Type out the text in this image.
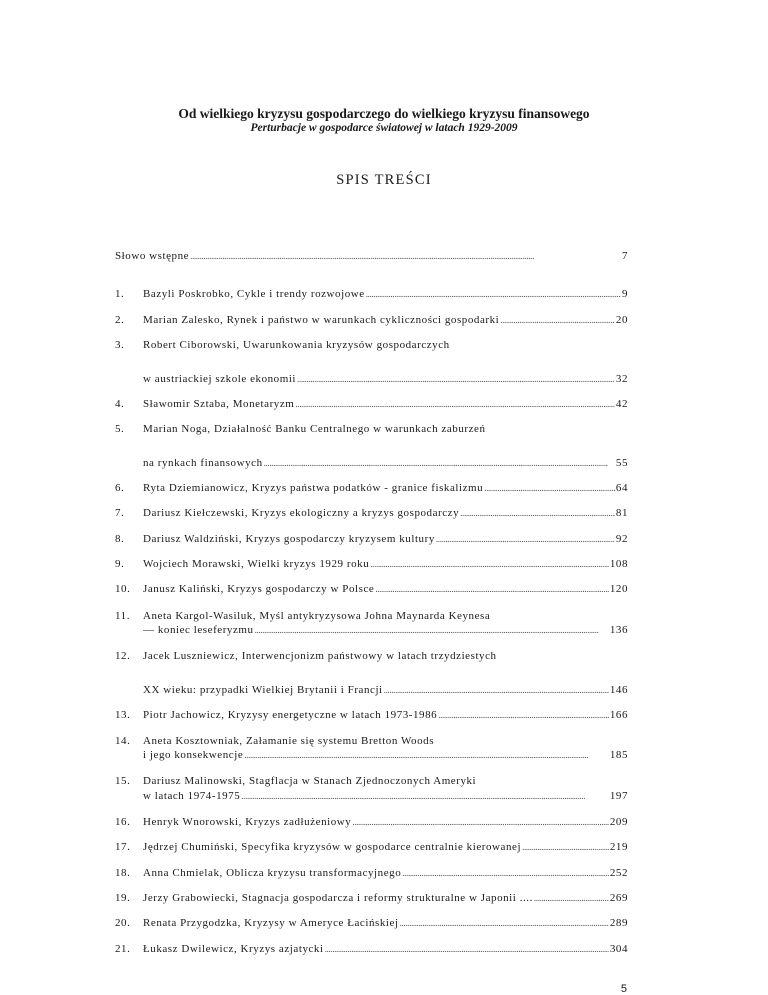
Od wielkiego kryzysu gospodarczego do wielkiego kryzysu finansowego
Perturbacje w gospodarce światowej w latach 1929-2009
SPIS TREŚCI
Słowo wstępne . . .	7
1. Bazyli Poskrobko, Cykle i trendy rozwojowe . . .	9
2. Marian Zalesko, Rynek i państwo w warunkach cykliczności gospodarki . . .	20
3. Robert Ciborowski, Uwarunkowania kryzysów gospodarczych
w austriackiej szkole ekonomii . . .	32
4. Sławomir Sztaba, Monetaryzm . . .	42
5. Marian Noga, Działalność Banku Centralnego w warunkach zaburzeń
na rynkach finansowych . . .	55
6. Ryta Dziemianowicz, Kryzys państwa podatków - granice fiskalizmu . . .	64
7. Dariusz Kiełczewski, Kryzys ekologiczny a kryzys gospodarczy . . .	81
8. Dariusz Waldziński, Kryzys gospodarczy kryzysem kultury . . .	92
9. Wojciech Morawski, Wielki kryzys 1929 roku . . .	108
10. Janusz Kaliński, Kryzys gospodarczy w Polsce . . .	120
11. Aneta Kargol-Wasiluk, Myśl antykryzysowa Johna Maynarda Keynesa
— koniec leseferyzmu . . .	136
12. Jacek Luszniewicz, Interwencjonizm państwowy w latach trzydziestych
XX wieku: przypadki Wielkiej Brytanii i Francji . . .	146
13. Piotr Jachowicz, Kryzysy energetyczne w latach 1973-1986 . . .	166
14. Aneta Kosztowniak, Załamanie się systemu Bretton Woods
i jego konsekwencje . . .	185
15. Dariusz Malinowski, Stagflacja w Stanach Zjednoczonych Ameryki
w latach 1974-1975 . . .	197
16. Henryk Wnorowski, Kryzys zadłużeniowy . . .	209
17. Jędrzej Chumiński, Specyfika kryzysów w gospodarce centralnie kierowanej . . .	219
18. Anna Chmielak, Oblicza kryzysu transformacyjnego . . .	252
19. Jerzy Grabowiecki, Stagnacja gospodarcza i reformy strukturalne w Japonii .... . . .	269
20. Renata Przygodzka, Kryzysy w Ameryce Łacińskiej . . .	289
21. Łukasz Dwilewicz, Kryzys azjatycki . . .	304
5
